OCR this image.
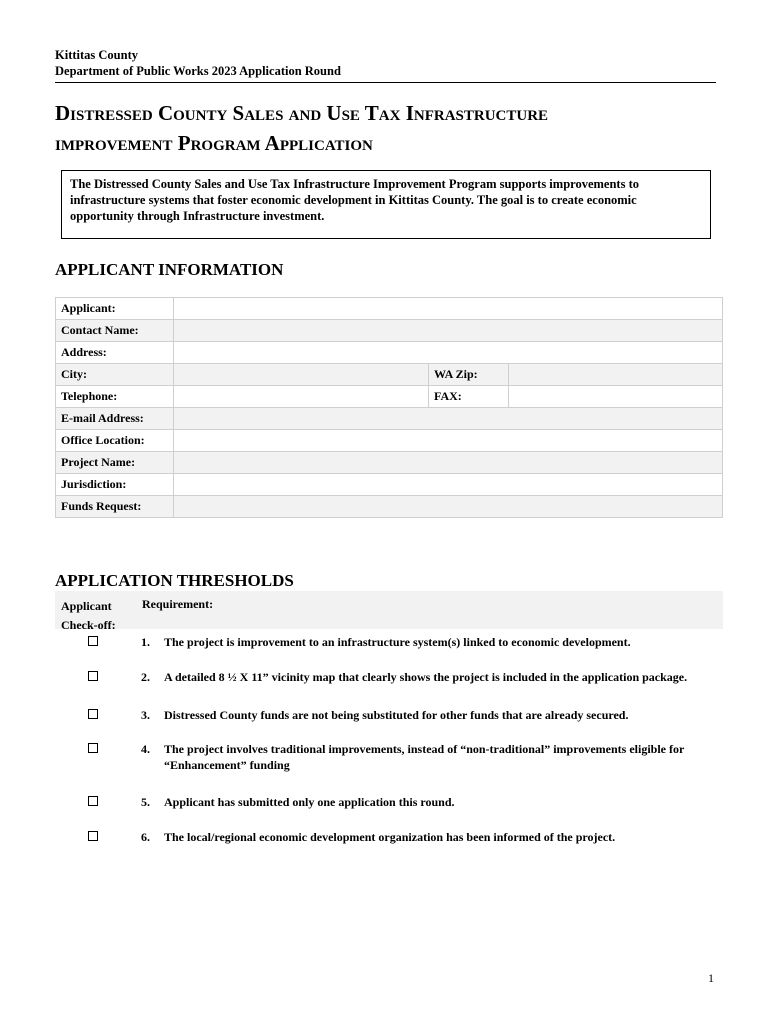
Kittitas County
Department of Public Works 2023 Application Round
Distressed County Sales and Use Tax Infrastructure
improvement Program Application
The Distressed County Sales and Use Tax Infrastructure Improvement Program supports improvements to infrastructure systems that foster economic development in Kittitas County. The goal is to create economic opportunity through Infrastructure investment.
APPLICANT INFORMATION
Applicant:			
Contact Name:			
Address:			
City:		WA Zip:	
Telephone:		FAX:	
E-mail Address:			
Office Location:			
Project Name:			
Jurisdiction:			
Funds Request:			
APPLICATION THRESHOLDS
Applicant Check-off:
Requirement:
1. The project is improvement to an infrastructure system(s) linked to economic development.
2. A detailed 8 ½ X 11” vicinity map that clearly shows the project is included in the application package.
3. Distressed County funds are not being substituted for other funds that are already secured.
4. The project involves traditional improvements, instead of “non-traditional” improvements eligible for “Enhancement” funding
5. Applicant has submitted only one application this round.
6. The local/regional economic development organization has been informed of the project.
1
